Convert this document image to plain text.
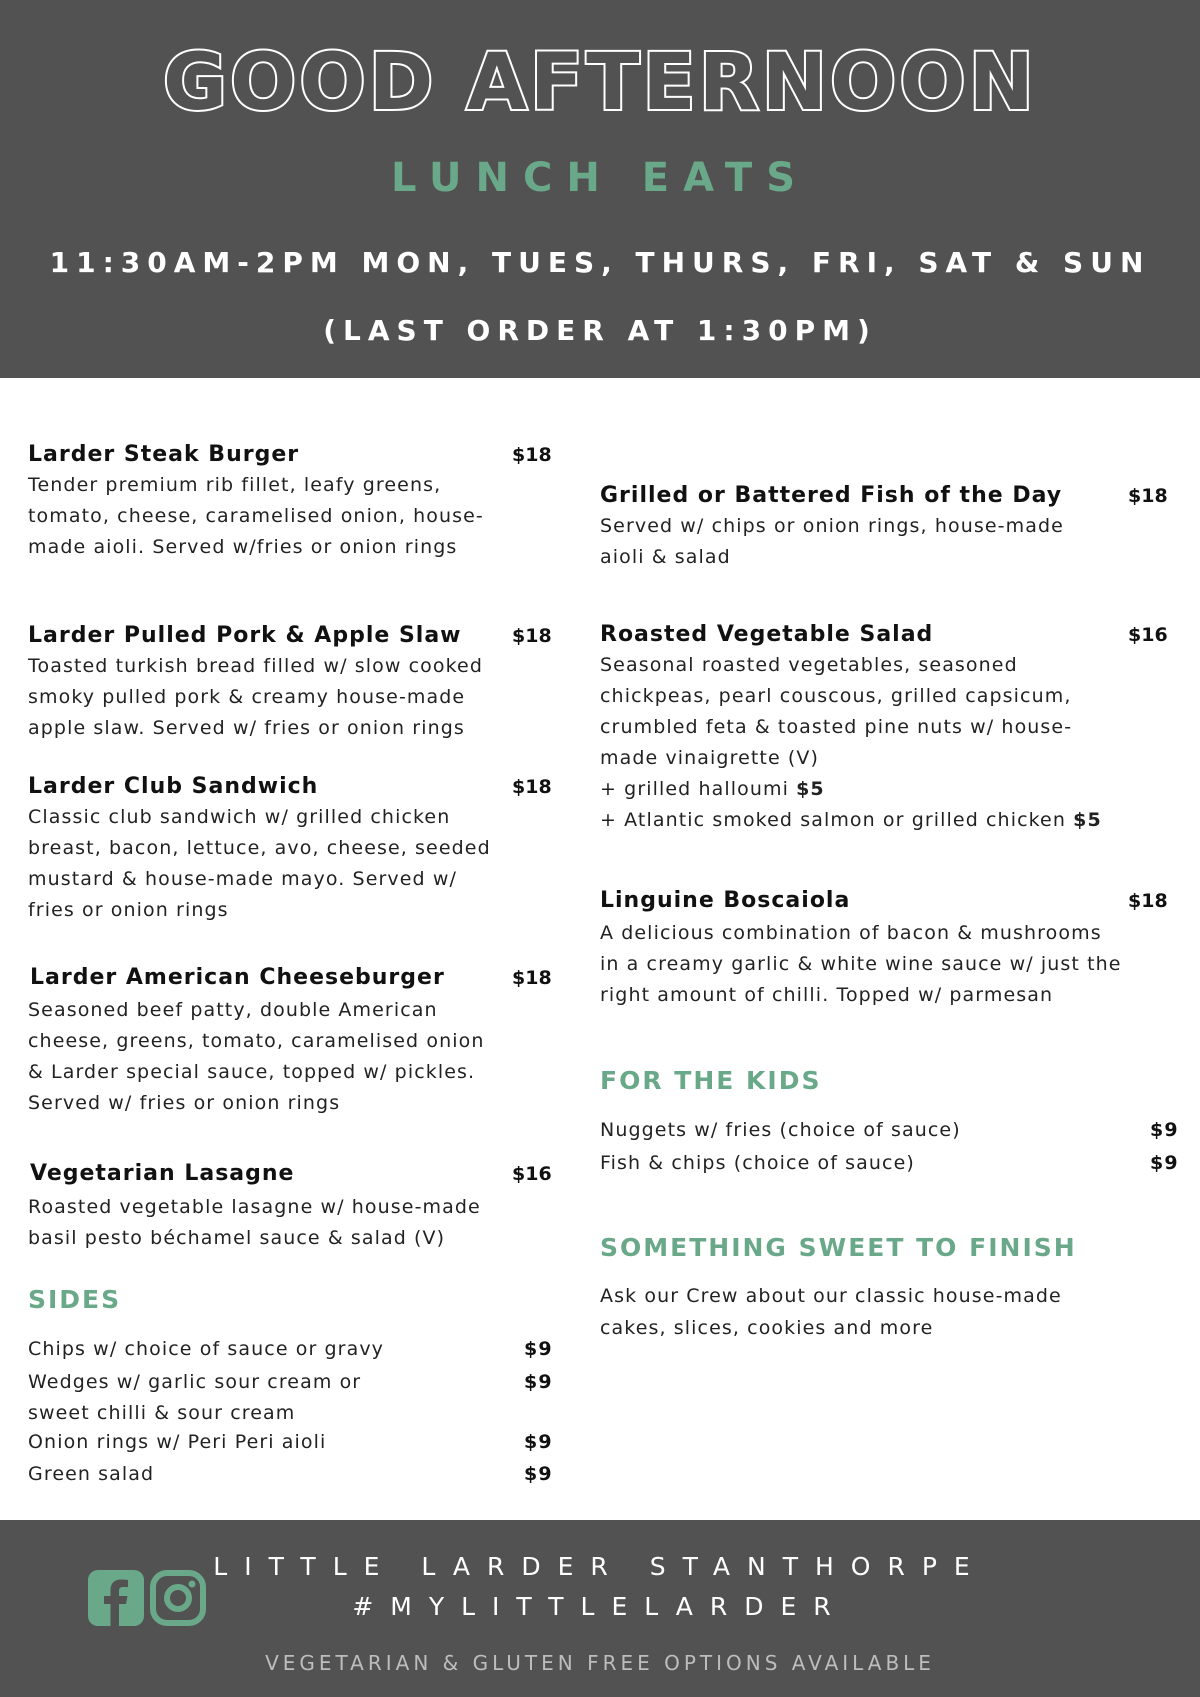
GOOD AFTERNOON
LUNCH EATS
11:30AM-2PM MON, TUES, THURS, FRI, SAT & SUN
(LAST ORDER AT 1:30PM)
Larder Steak Burger	$18
Tender premium rib fillet, leafy greens,
tomato, cheese, caramelised onion, house-
made aioli. Served w/fries or onion rings
Larder Pulled Pork & Apple Slaw	$18
Toasted turkish bread filled w/ slow cooked
smoky pulled pork & creamy house-made
apple slaw. Served w/ fries or onion rings
Larder Club Sandwich	$18
Classic club sandwich w/ grilled chicken
breast, bacon, lettuce, avo, cheese, seeded
mustard & house-made mayo. Served w/
fries or onion rings
Larder American Cheeseburger	$18
Seasoned beef patty, double American
cheese, greens, tomato, caramelised onion
& Larder special sauce, topped w/ pickles.
Served w/ fries or onion rings
Vegetarian Lasagne	$16
Roasted vegetable lasagne w/ house-made
basil pesto béchamel sauce & salad (V)
SIDES
Chips w/ choice of sauce or gravy	$9
Wedges w/ garlic sour cream or	$9
sweet chilli & sour cream
Onion rings w/ Peri Peri aioli	$9
Green salad	$9
Grilled or Battered Fish of the Day	$18
Served w/ chips or onion rings, house-made
aioli & salad
Roasted Vegetable Salad	$16
Seasonal roasted vegetables, seasoned
chickpeas, pearl couscous, grilled capsicum,
crumbled feta & toasted pine nuts w/ house-
made vinaigrette (V)
+ grilled halloumi $5
+ Atlantic smoked salmon or grilled chicken $5
Linguine Boscaiola	$18
A delicious combination of bacon & mushrooms
in a creamy garlic & white wine sauce w/ just the
right amount of chilli. Topped w/ parmesan
FOR THE KIDS
Nuggets w/ fries (choice of sauce)	$9
Fish & chips (choice of sauce)	$9
SOMETHING SWEET TO FINISH
Ask our Crew about our classic house-made
cakes, slices, cookies and more
LITTLE LARDER STANTHORPE
#MYLITTLELARDER
VEGETARIAN & GLUTEN FREE OPTIONS AVAILABLE
